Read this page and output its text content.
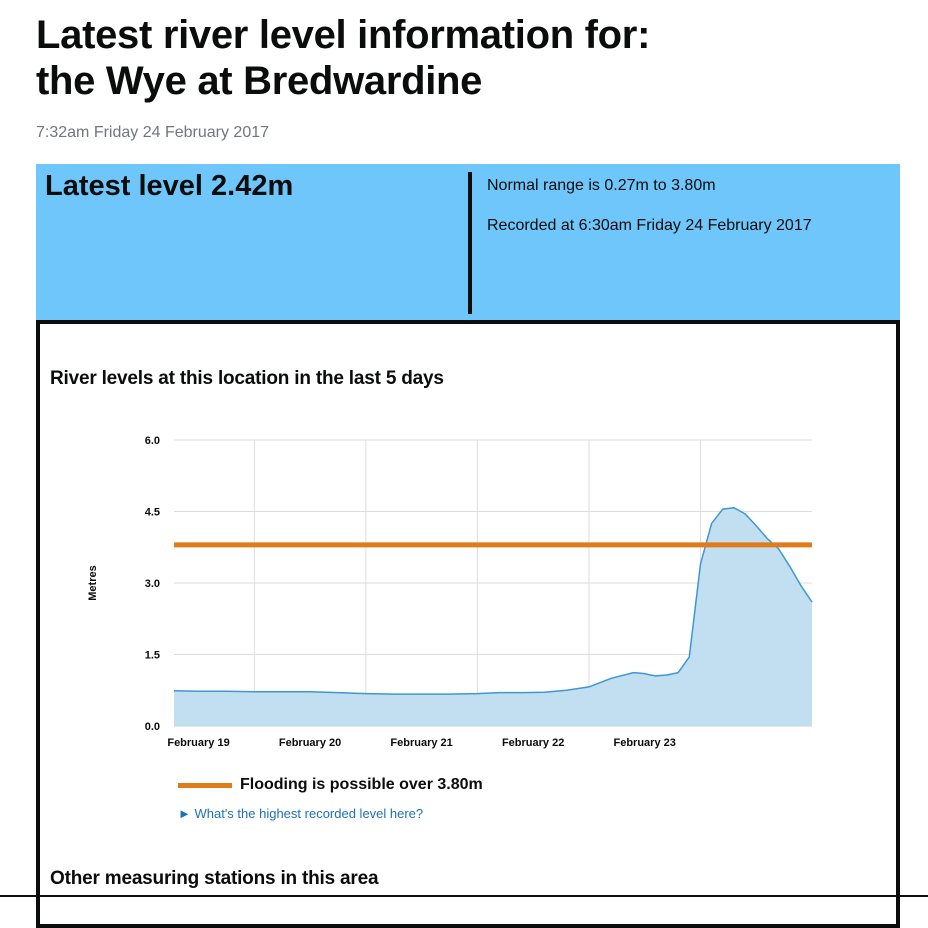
Latest river level information for:
the Wye at Bredwardine
7:32am Friday 24 February 2017
Latest level 2.42m	Normal range is 0.27m to 3.80m
Recorded at 6:30am Friday 24 February 2017
River levels at this location in the last 5 days
0.0
1.5
3.0
4.5
6.0
February 19	February 20	February 21	February 22	February 23
Metres
Flooding is possible over 3.80m
► What's the highest recorded level here?
Other measuring stations in this area
